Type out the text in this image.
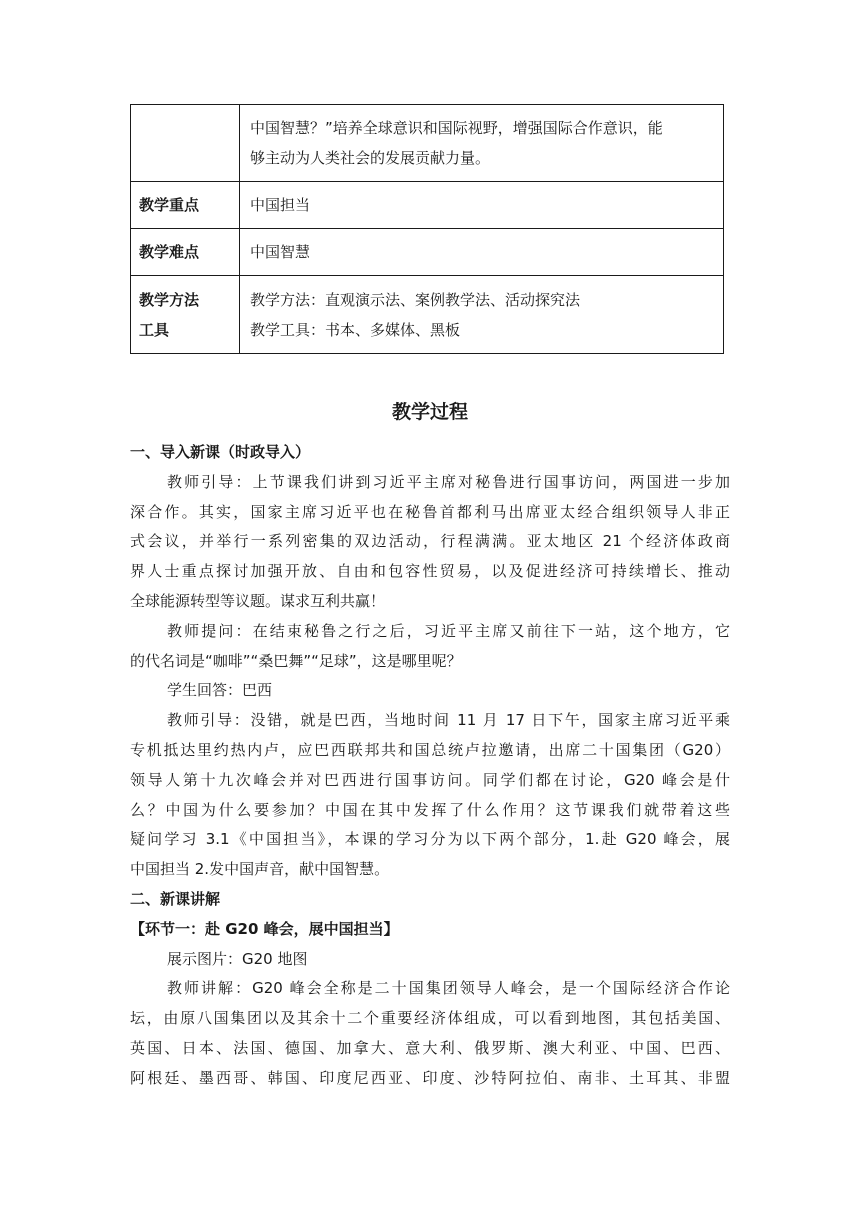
	中国智慧？”培养全球意识和国际视野，增强国际合作意识，能
够主动为人类社会的发展贡献力量。

教学重点	中国担当

教学难点	中国智慧

教学方法
工具	教学方法：直观演示法、案例教学法、活动探究法
教学工具：书本、多媒体、黑板
教学过程
一、导入新课（时政导入）
教师引导：上节课我们讲到习近平主席对秘鲁进行国事访问，两国进一步加
深合作。其实，国家主席习近平也在秘鲁首都利马出席亚太经合组织领导人非正
式会议，并举行一系列密集的双边活动，行程满满。亚太地区 21 个经济体政商
界人士重点探讨加强开放、自由和包容性贸易，以及促进经济可持续增长、推动
全球能源转型等议题。谋求互利共赢！
教师提问：在结束秘鲁之行之后，习近平主席又前往下一站，这个地方，它
的代名词是“咖啡”“桑巴舞”“足球”，这是哪里呢？
学生回答：巴西
教师引导：没错，就是巴西，当地时间 11 月 17 日下午，国家主席习近平乘
专机抵达里约热内卢，应巴西联邦共和国总统卢拉邀请，出席二十国集团（G20）
领导人第十九次峰会并对巴西进行国事访问。同学们都在讨论，G20 峰会是什
么？中国为什么要参加？中国在其中发挥了什么作用？这节课我们就带着这些
疑问学习 3.1《中国担当》，本课的学习分为以下两个部分，1.赴 G20 峰会，展
中国担当 2.发中国声音，献中国智慧。
二、新课讲解
【环节一：赴 G20 峰会，展中国担当】
展示图片：G20 地图
教师讲解：G20 峰会全称是二十国集团领导人峰会，是一个国际经济合作论
坛，由原八国集团以及其余十二个重要经济体组成，可以看到地图，其包括美国、
英国、日本、法国、德国、加拿大、意大利、俄罗斯、澳大利亚、中国、巴西、
阿根廷、墨西哥、韩国、印度尼西亚、印度、沙特阿拉伯、南非、土耳其、非盟
